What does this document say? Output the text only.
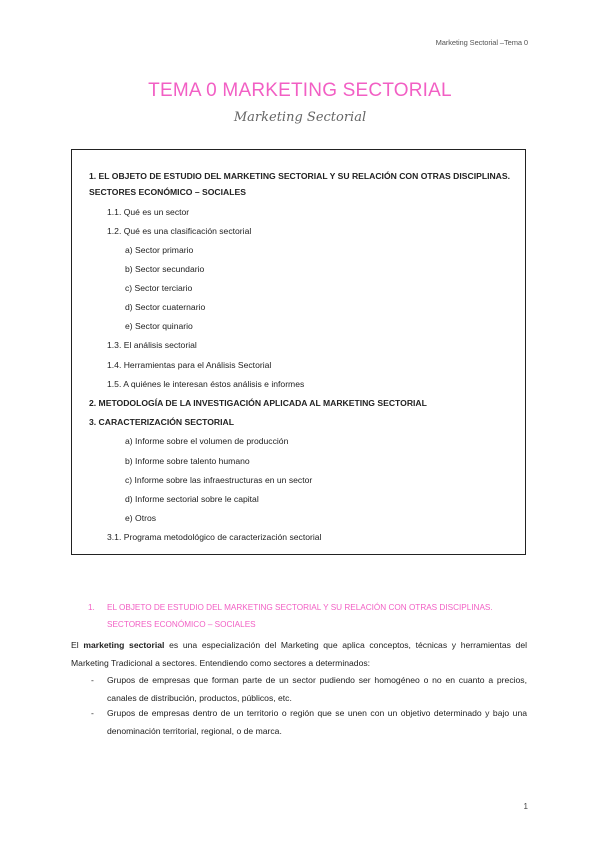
Marketing Sectorial –Tema 0
TEMA 0 MARKETING SECTORIAL
Marketing Sectorial
1. EL OBJETO DE ESTUDIO DEL MARKETING SECTORIAL Y SU RELACIÓN CON OTRAS DISCIPLINAS.
SECTORES ECONÓMICO – SOCIALES
1.1. Qué es un sector
1.2. Qué es una clasificación sectorial
a) Sector primario
b) Sector secundario
c) Sector terciario
d) Sector cuaternario
e) Sector quinario
1.3. El análisis sectorial
1.4. Herramientas para el Análisis Sectorial
1.5. A quiénes le interesan éstos análisis e informes
2. METODOLOGÍA DE LA INVESTIGACIÓN APLICADA AL MARKETING SECTORIAL
3. CARACTERIZACIÓN SECTORIAL
a) Informe sobre el volumen de producción
b) Informe sobre talento humano
c) Informe sobre las infraestructuras en un sector
d) Informe sectorial sobre le capital
e) Otros
3.1. Programa metodológico de caracterización sectorial
1.	EL OBJETO DE ESTUDIO DEL MARKETING SECTORIAL Y SU RELACIÓN CON OTRAS DISCIPLINAS. SECTORES ECONÓMICO – SOCIALES
El marketing sectorial es una especialización del Marketing que aplica conceptos, técnicas y herramientas del Marketing Tradicional a sectores. Entendiendo como sectores a determinados:
-	Grupos de empresas que forman parte de un sector pudiendo ser homogéneo o no en cuanto a precios, canales de distribución, productos, públicos, etc.
-	Grupos de empresas dentro de un territorio o región que se unen con un objetivo determinado y bajo una denominación territorial, regional, o de marca.
1
